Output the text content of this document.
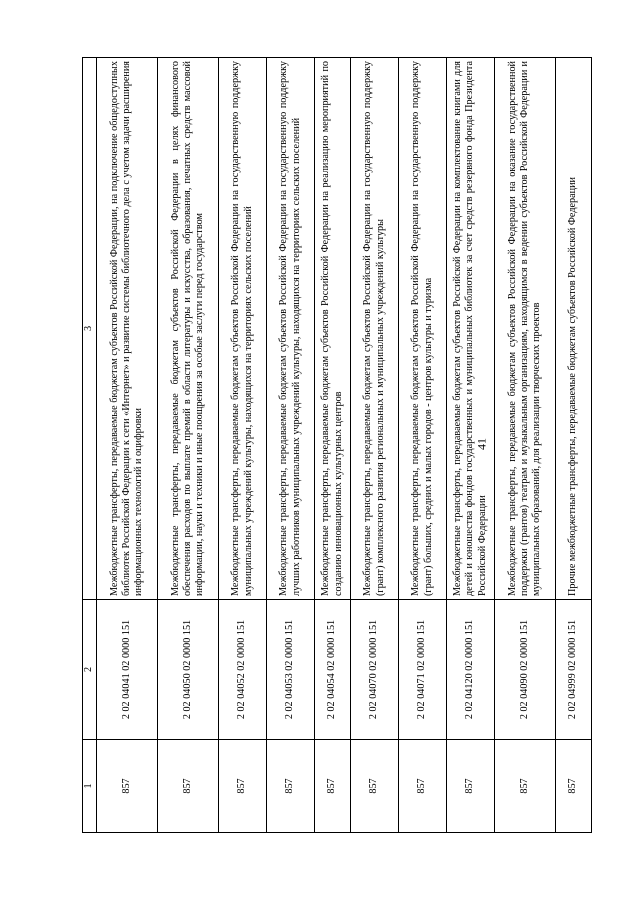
41
1	2	3
857	2 02 04041 02 0000 151	Межбюджетные трансферты, передаваемые бюджетам субъектов Российской Федерации, на подключение общедоступных библиотек Российской Федерации к сети «Интернет» и развитие системы библиотечного дела с учетом задачи расширения информационных технологий и оцифровки
857	2 02 04050 02 0000 151	Межбюджетные трансферты, передаваемые бюджетам субъектов Российской Федерации в целях финансового обеспечения расходов по выплате премий в области литературы и искусства, образования, печатных средств массовой информации, науки и техники и иные поощрения за особые заслуги перед государством
857	2 02 04052 02 0000 151	Межбюджетные трансферты, передаваемые бюджетам субъектов Российской Федерации на государственную поддержку муниципальных учреждений культуры, находящихся на территориях сельских поселений
857	2 02 04053 02 0000 151	Межбюджетные трансферты, передаваемые бюджетам субъектов Российской Федерации на государственную поддержку лучших работников муниципальных учреждений культуры, находящихся на территориях сельских поселений
857	2 02 04054 02 0000 151	Межбюджетные трансферты, передаваемые бюджетам субъектов Российской Федерации на реализацию мероприятий по созданию инновационных культурных центров
857	2 02 04070 02 0000 151	Межбюджетные трансферты, передаваемые бюджетам субъектов Российской Федерации на государственную поддержку (грант) комплексного развития региональных и муниципальных учреждений культуры
857	2 02 04071 02 0000 151	Межбюджетные трансферты, передаваемые бюджетам субъектов Российской Федерации на государственную поддержку (грант) больших, средних и малых городов - центров культуры и туризма
857	2 02 04120 02 0000 151	Межбюджетные трансферты, передаваемые бюджетам субъектов Российской Федерации на комплектование книгами для детей и юношества фондов государственных и муниципальных библиотек за счет средств резервного фонда Президента Российской Федерации
857	2 02 04090 02 0000 151	Межбюджетные трансферты, передаваемые бюджетам субъектов Российской Федерации на оказание государственной поддержки (грантов) театрам и музыкальным организациям, находящимся в ведении субъектов Российской Федерации и муниципальных образований, для реализации творческих проектов
857	2 02 04999 02 0000 151	Прочие межбюджетные трансферты, передаваемые бюджетам субъектов Российской Федерации
